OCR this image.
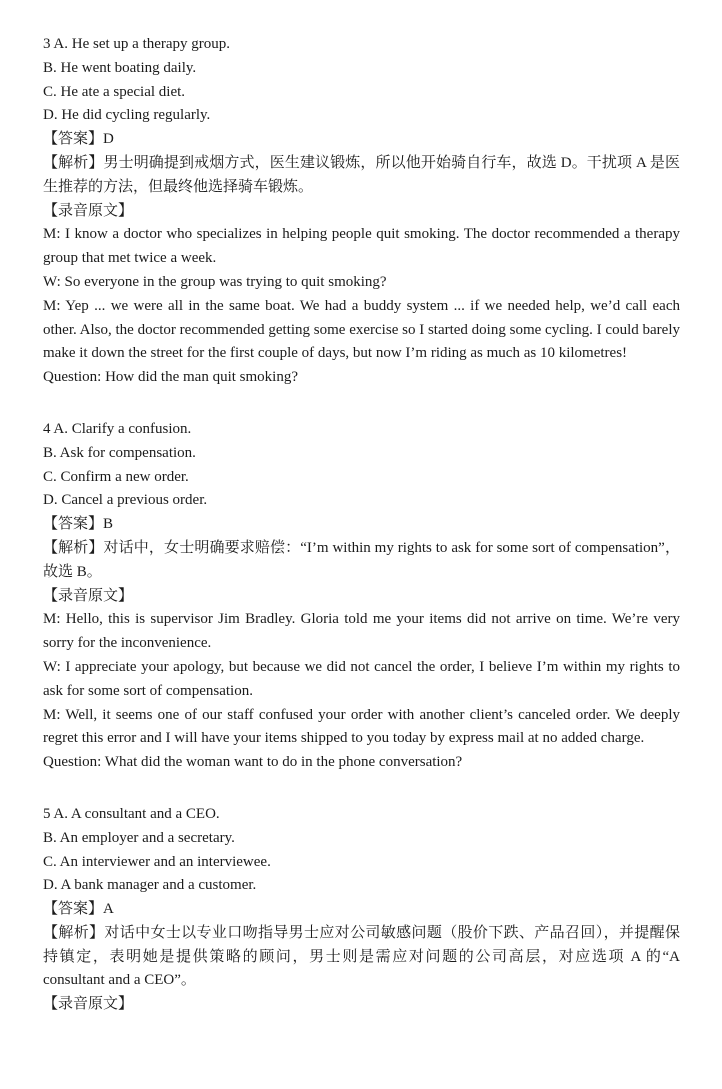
3 A. He set up a therapy group.

B. He went boating daily.

C. He ate a special diet.

D. He did cycling regularly.

【答案】D

【解析】男士明确提到戒烟方式，医生建议锻炼，所以他开始骑自行车，故选 D。干扰项 A 是医生推荐的方法，但最终他选择骑车锻炼。

【录音原文】

M: I know a doctor who specializes in helping people quit smoking. The doctor recommended a therapy group that met twice a week.

W: So everyone in the group was trying to quit smoking?

M: Yep ... we were all in the same boat. We had a buddy system ... if we needed help, we’d call each other. Also, the doctor recommended getting some exercise so I started doing some cycling. I could barely make it down the street for the first couple of days, but now I’m riding as much as 10 kilometres!

Question: How did the man quit smoking?

4 A. Clarify a confusion.

B. Ask for compensation.

C. Confirm a new order.

D. Cancel a previous order.

【答案】B

【解析】对话中，女士明确要求赔偿：“I’m within my rights to ask for some sort of compensation”，故选 B。

【录音原文】

M: Hello, this is supervisor Jim Bradley. Gloria told me your items did not arrive on time. We’re very sorry for the inconvenience.

W: I appreciate your apology, but because we did not cancel the order, I believe I’m within my rights to ask for some sort of compensation.

M: Well, it seems one of our staff confused your order with another client’s canceled order. We deeply regret this error and I will have your items shipped to you today by express mail at no added charge.

Question: What did the woman want to do in the phone conversation?

5 A. A consultant and a CEO.

B. An employer and a secretary.

C. An interviewer and an interviewee.

D. A bank manager and a customer.

【答案】A

【解析】对话中女士以专业口吻指导男士应对公司敏感问题（股价下跌、产品召回），并提醒保持镇定，表明她是提供策略的顾问，男士则是需应对问题的公司高层，对应选项 A 的“A consultant and a CEO”。

【录音原文】
